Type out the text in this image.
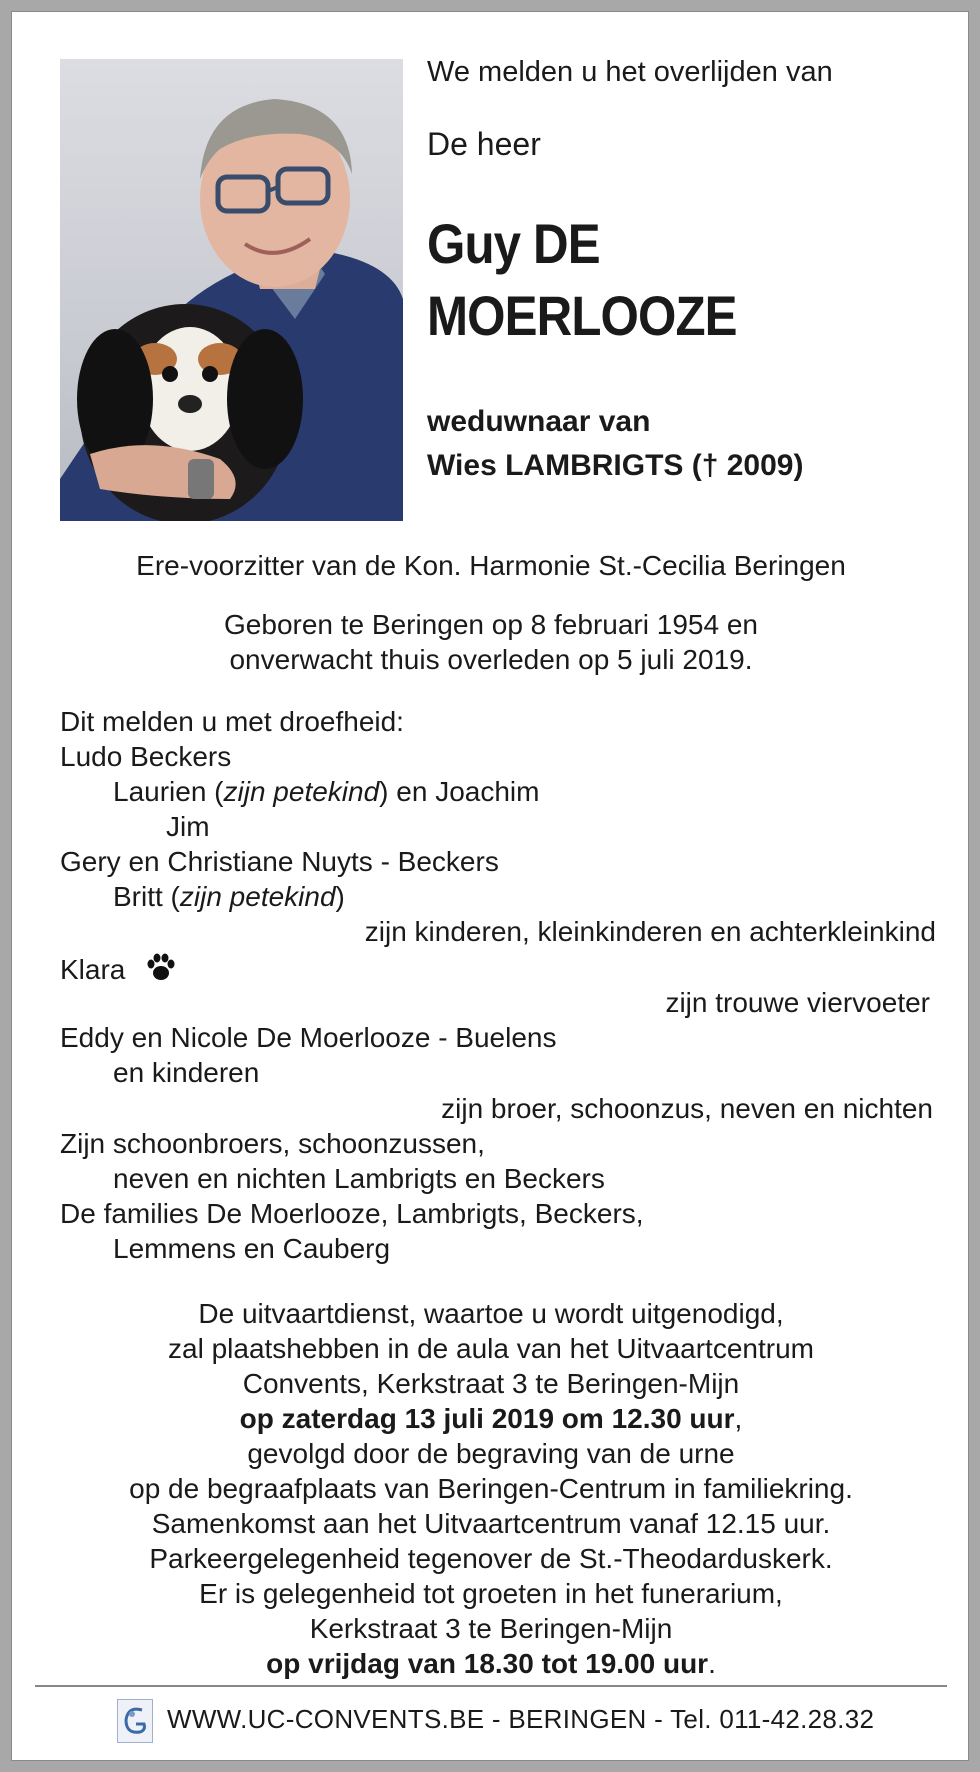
We melden u het overlijden van
De heer
Guy DE
MOERLOOZE
weduwnaar van
Wies LAMBRIGTS († 2009)
Ere-voorzitter van de Kon. Harmonie St.-Cecilia Beringen
Geboren te Beringen op 8 februari 1954 en
onverwacht thuis overleden op 5 juli 2019.
Dit melden u met droefheid:
Ludo Beckers
Laurien (zijn petekind) en Joachim
Jim
Gery en Christiane Nuyts - Beckers
Britt (zijn petekind)
zijn kinderen, kleinkinderen en achterkleinkind
Klara
zijn trouwe viervoeter
Eddy en Nicole De Moerlooze - Buelens
en kinderen
zijn broer, schoonzus, neven en nichten
Zijn schoonbroers, schoonzussen,
neven en nichten Lambrigts en Beckers
De families De Moerlooze, Lambrigts, Beckers,
Lemmens en Cauberg
De uitvaartdienst, waartoe u wordt uitgenodigd,
zal plaatshebben in de aula van het Uitvaartcentrum
Convents, Kerkstraat 3 te Beringen-Mijn
op zaterdag 13 juli 2019 om 12.30 uur,
gevolgd door de begraving van de urne
op de begraafplaats van Beringen-Centrum in familiekring.
Samenkomst aan het Uitvaartcentrum vanaf 12.15 uur.
Parkeergelegenheid tegenover de St.-Theodarduskerk.
Er is gelegenheid tot groeten in het funerarium,
Kerkstraat 3 te Beringen-Mijn
op vrijdag van 18.30 tot 19.00 uur.
WWW.UC-CONVENTS.BE - BERINGEN - Tel. 011-42.28.32
